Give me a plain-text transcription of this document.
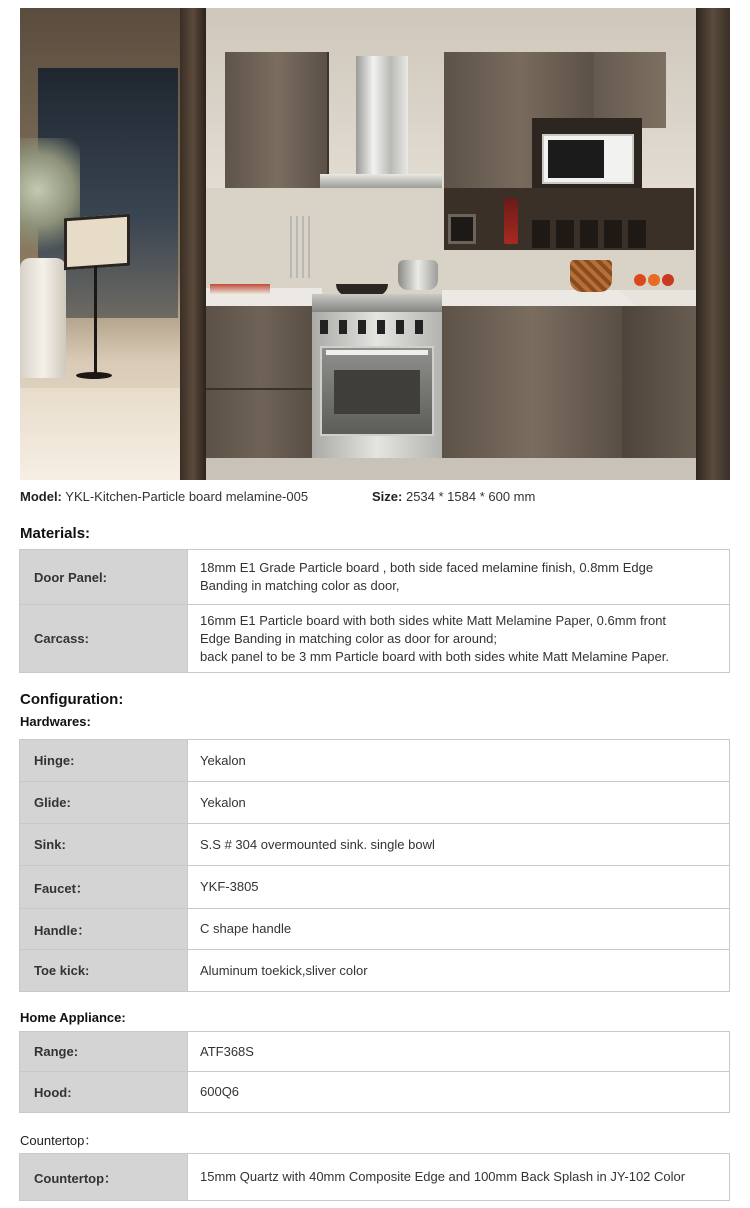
Model: YKL-Kitchen-Particle board melamine-005	Size: 2534 * 1584 * 600 mm
Materials:
Door Panel:	18mm E1 Grade Particle board , both side faced melamine finish, 0.8mm Edge
Banding in matching color as door,

Carcass:	16mm E1 Particle board with both sides white Matt Melamine Paper, 0.6mm front
Edge Banding in matching color as door for around;
back panel to be 3 mm Particle board with both sides white Matt Melamine Paper.
Configuration:
Hardwares:
Hinge:	Yekalon
Glide:	Yekalon
Sink:	S.S # 304 overmounted sink. single bowl
Faucet：	YKF-3805
Handle：	C shape handle
Toe kick:	Aluminum toekick,sliver color
Home Appliance:
Range:	ATF368S
Hood:	600Q6
Countertop：
Countertop：	15mm Quartz with 40mm Composite Edge and 100mm Back Splash in JY-102 Color
